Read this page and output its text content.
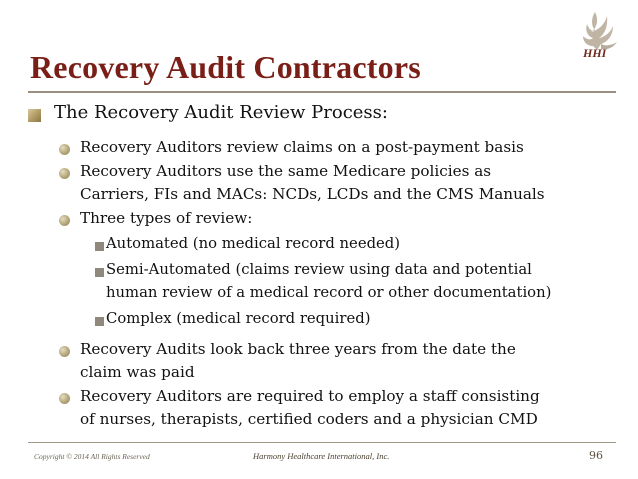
HHI
Recovery Audit Contractors
The Recovery Audit Review Process:
Recovery Auditors review claims on a post-payment basis
Recovery Auditors use the same Medicare policies as
Carriers, FIs and MACs: NCDs, LCDs and the CMS Manuals
Three types of review:
Automated (no medical record needed)
Semi-Automated (claims review using data and potential
human review of a medical record or other documentation)
Complex (medical record required)
Recovery Audits look back three years from the date the
claim was paid
Recovery Auditors are required to employ a staff consisting
of nurses, therapists, certified coders and a physician CMD
Copyright © 2014 All Rights Reserved	Harmony Healthcare International, Inc.	96
